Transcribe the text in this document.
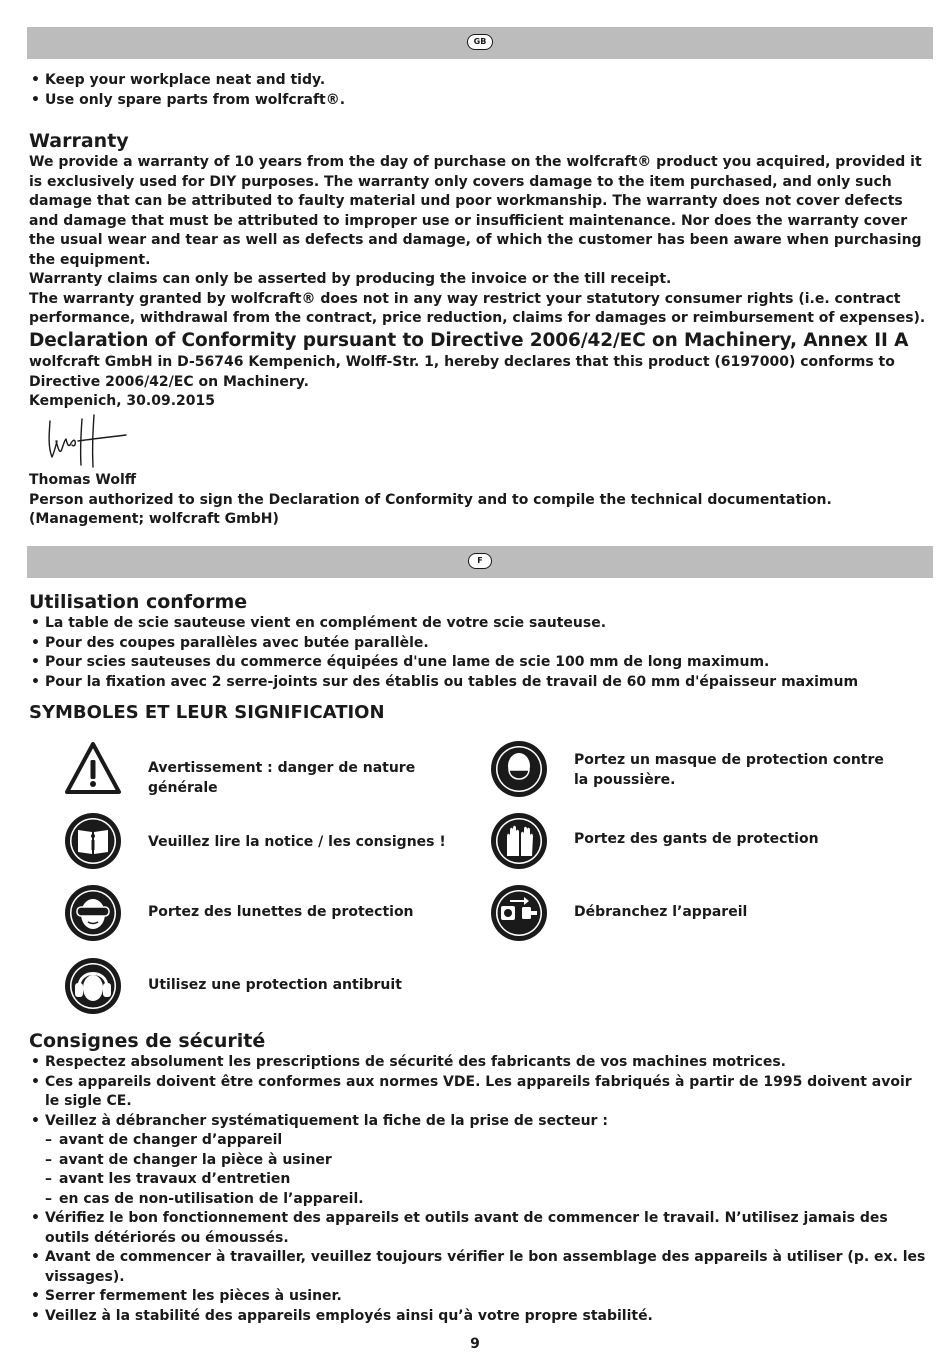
GB
• Keep your workplace neat and tidy.
• Use only spare parts from wolfcraft®.
Warranty
We provide a warranty of 10 years from the day of purchase on the wolfcraft® product you acquired, provided it is exclusively used for DIY purposes. The warranty only covers damage to the item purchased, and only such damage that can be attributed to faulty material und poor workmanship. The warranty does not cover defects and damage that must be attributed to improper use or insufficient maintenance. Nor does the warranty cover the usual wear and tear as well as defects and damage, of which the customer has been aware when purchasing the equipment.
Warranty claims can only be asserted by producing the invoice or the till receipt.
The warranty granted by wolfcraft® does not in any way restrict your statutory consumer rights (i.e. contract performance, withdrawal from the contract, price reduction, claims for damages or reimbursement of expenses).
Declaration of Conformity pursuant to Directive 2006/42/EC on Machinery, Annex II A
wolfcraft GmbH in D-56746 Kempenich, Wolff-Str. 1, hereby declares that this product (6197000) conforms to Directive 2006/42/EC on Machinery.
Kempenich, 30.09.2015
Thomas Wolff
Person authorized to sign the Declaration of Conformity and to compile the technical documentation.
(Management; wolfcraft GmbH)
F
Utilisation conforme
• La table de scie sauteuse vient en complément de votre scie sauteuse.
• Pour des coupes parallèles avec butée parallèle.
• Pour scies sauteuses du commerce équipées d'une lame de scie 100 mm de long maximum.
• Pour la fixation avec 2 serre-joints sur des établis ou tables de travail de 60 mm d'épaisseur maximum
SYMBOLES ET LEUR SIGNIFICATION
Avertissement : danger de nature générale
Portez un masque de protection contre la poussière.
Veuillez lire la notice / les consignes !	Portez des gants de protection
Portez des lunettes de protection	Débranchez l’appareil
Utilisez une protection antibruit
Consignes de sécurité
• Respectez absolument les prescriptions de sécurité des fabricants de vos machines motrices.
• Ces appareils doivent être conformes aux normes VDE. Les appareils fabriqués à partir de 1995 doivent avoir le sigle CE.
• Veillez à débrancher systématiquement la fiche de la prise de secteur :
– avant de changer d’appareil
– avant de changer la pièce à usiner
– avant les travaux d’entretien
– en cas de non-utilisation de l’appareil.
• Vérifiez le bon fonctionnement des appareils et outils avant de commencer le travail. N’utilisez jamais des outils détériorés ou émoussés.
• Avant de commencer à travailler, veuillez toujours vérifier le bon assemblage des appareils à utiliser (p. ex. les vissages).
• Serrer fermement les pièces à usiner.
• Veillez à la stabilité des appareils employés ainsi qu’à votre propre stabilité.
9
